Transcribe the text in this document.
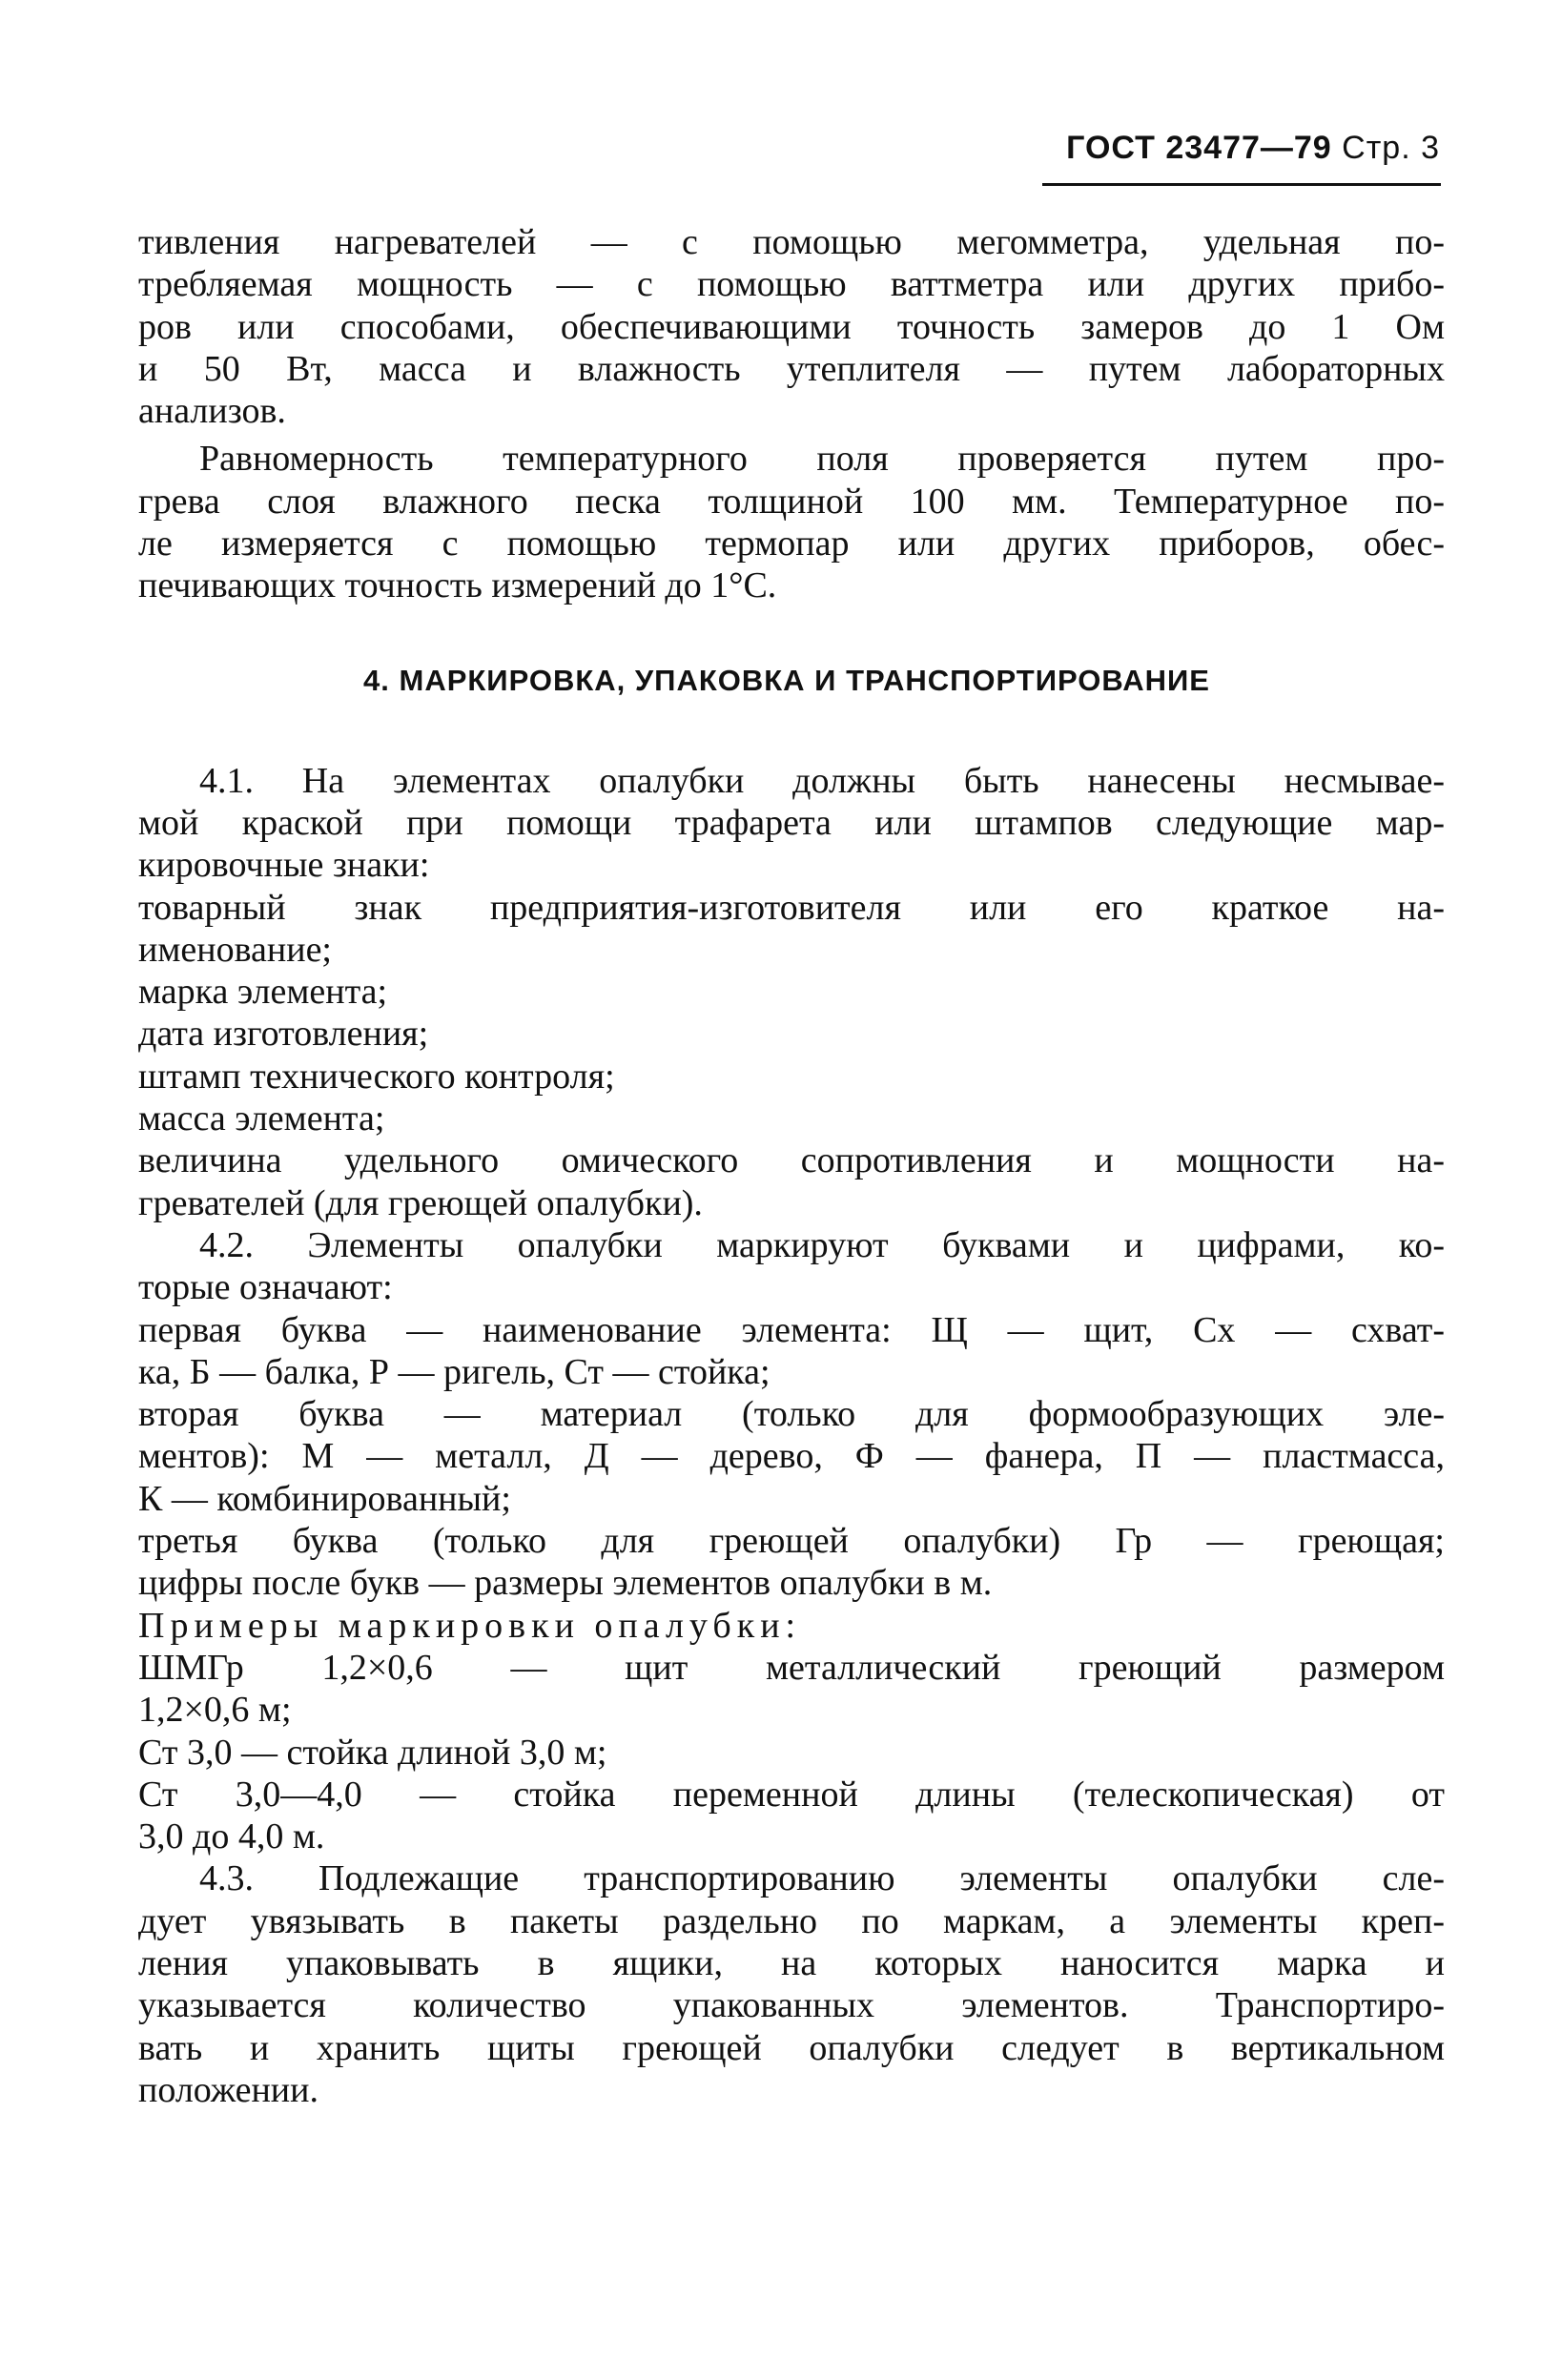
ГОСТ 23477—79 Стр. 3
тивления нагревателей — с помощью мегомметра, удельная по-
требляемая мощность — с помощью ваттметра или других прибо-
ров или способами, обеспечивающими точность замеров до 1 Ом
и 50 Вт, масса и влажность утеплителя — путем лабораторных
анализов.
Равномерность температурного поля проверяется путем про-
грева слоя влажного песка толщиной 100 мм. Температурное по-
ле измеряется с помощью термопар или других приборов, обес-
печивающих точность измерений до 1°С.
4. МАРКИРОВКА, УПАКОВКА И ТРАНСПОРТИРОВАНИЕ
4.1. На элементах опалубки должны быть нанесены несмывае-
мой краской при помощи трафарета или штампов следующие мар-
кировочные знаки:
товарный знак предприятия-изготовителя или его краткое на-
именование;
марка элемента;
дата изготовления;
штамп технического контроля;
масса элемента;
величина удельного омического сопротивления и мощности на-
гревателей (для греющей опалубки).
4.2. Элементы опалубки маркируют буквами и цифрами, ко-
торые означают:
первая буква — наименование элемента: Щ — щит, Сх — схват-
ка, Б — балка, Р — ригель, Ст — стойка;
вторая буква — материал (только для формообразующих эле-
ментов): М — металл, Д — дерево, Ф — фанера, П — пластмасса,
К — комбинированный;
третья буква (только для греющей опалубки) Гр — греющая;
цифры после букв — размеры элементов опалубки в м.
Примеры маркировки опалубки:
ШМГр 1,2×0,6 — щит металлический греющий размером
1,2×0,6 м;
Ст 3,0 — стойка длиной 3,0 м;
Ст 3,0—4,0 — стойка переменной длины (телескопическая) от
3,0 до 4,0 м.
4.3. Подлежащие транспортированию элементы опалубки сле-
дует увязывать в пакеты раздельно по маркам, а элементы креп-
ления упаковывать в ящики, на которых наносится марка и
указывается количество упакованных элементов. Транспортиро-
вать и хранить щиты греющей опалубки следует в вертикальном
положении.
